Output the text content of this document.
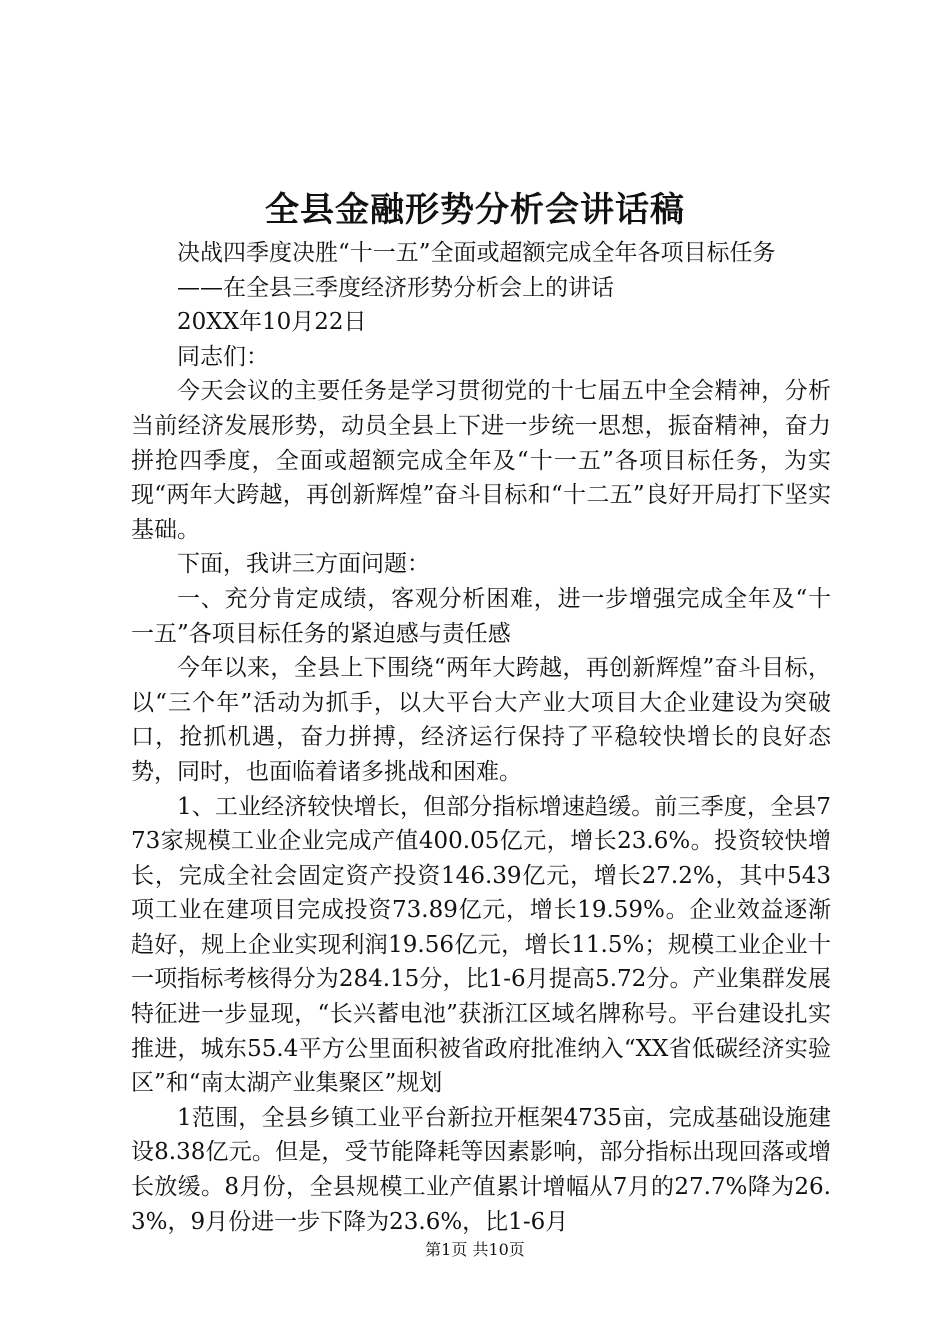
全县金融形势分析会讲话稿

决战四季度决胜“十一五”全面或超额完成全年各项目标任务

——在全县三季度经济形势分析会上的讲话

20XX年10月22日

同志们：

今天会议的主要任务是学习贯彻党的十七届五中全会精神，分析当前经济发展形势，动员全县上下进一步统一思想，振奋精神，奋力拼抢四季度，全面或超额完成全年及“十一五”各项目标任务，为实现“两年大跨越，再创新辉煌”奋斗目标和“十二五”良好开局打下坚实基础。

下面，我讲三方面问题：

一、充分肯定成绩，客观分析困难，进一步增强完成全年及“十一五”各项目标任务的紧迫感与责任感

今年以来，全县上下围绕“两年大跨越，再创新辉煌”奋斗目标，以“三个年”活动为抓手，以大平台大产业大项目大企业建设为突破口，抢抓机遇，奋力拼搏，经济运行保持了平稳较快增长的良好态势，同时，也面临着诸多挑战和困难。

1、工业经济较快增长，但部分指标增速趋缓。前三季度，全县773家规模工业企业完成产值400.05亿元，增长23.6%。投资较快增长，完成全社会固定资产投资146.39亿元，增长27.2%，其中543项工业在建项目完成投资73.89亿元，增长19.59%。企业效益逐渐趋好，规上企业实现利润19.56亿元，增长11.5%；规模工业企业十一项指标考核得分为284.15分，比1-6月提高5.72分。产业集群发展特征进一步显现，“长兴蓄电池”获浙江区域名牌称号。平台建设扎实推进，城东55.4平方公里面积被省政府批准纳入“XX省低碳经济实验区”和“南太湖产业集聚区”规划

1范围，全县乡镇工业平台新拉开框架4735亩，完成基础设施建设8.38亿元。但是，受节能降耗等因素影响，部分指标出现回落或增长放缓。8月份，全县规模工业产值累计增幅从7月的27.7%降为26.3%，9月份进一步下降为23.6%，比1-6月

第1页 共10页
